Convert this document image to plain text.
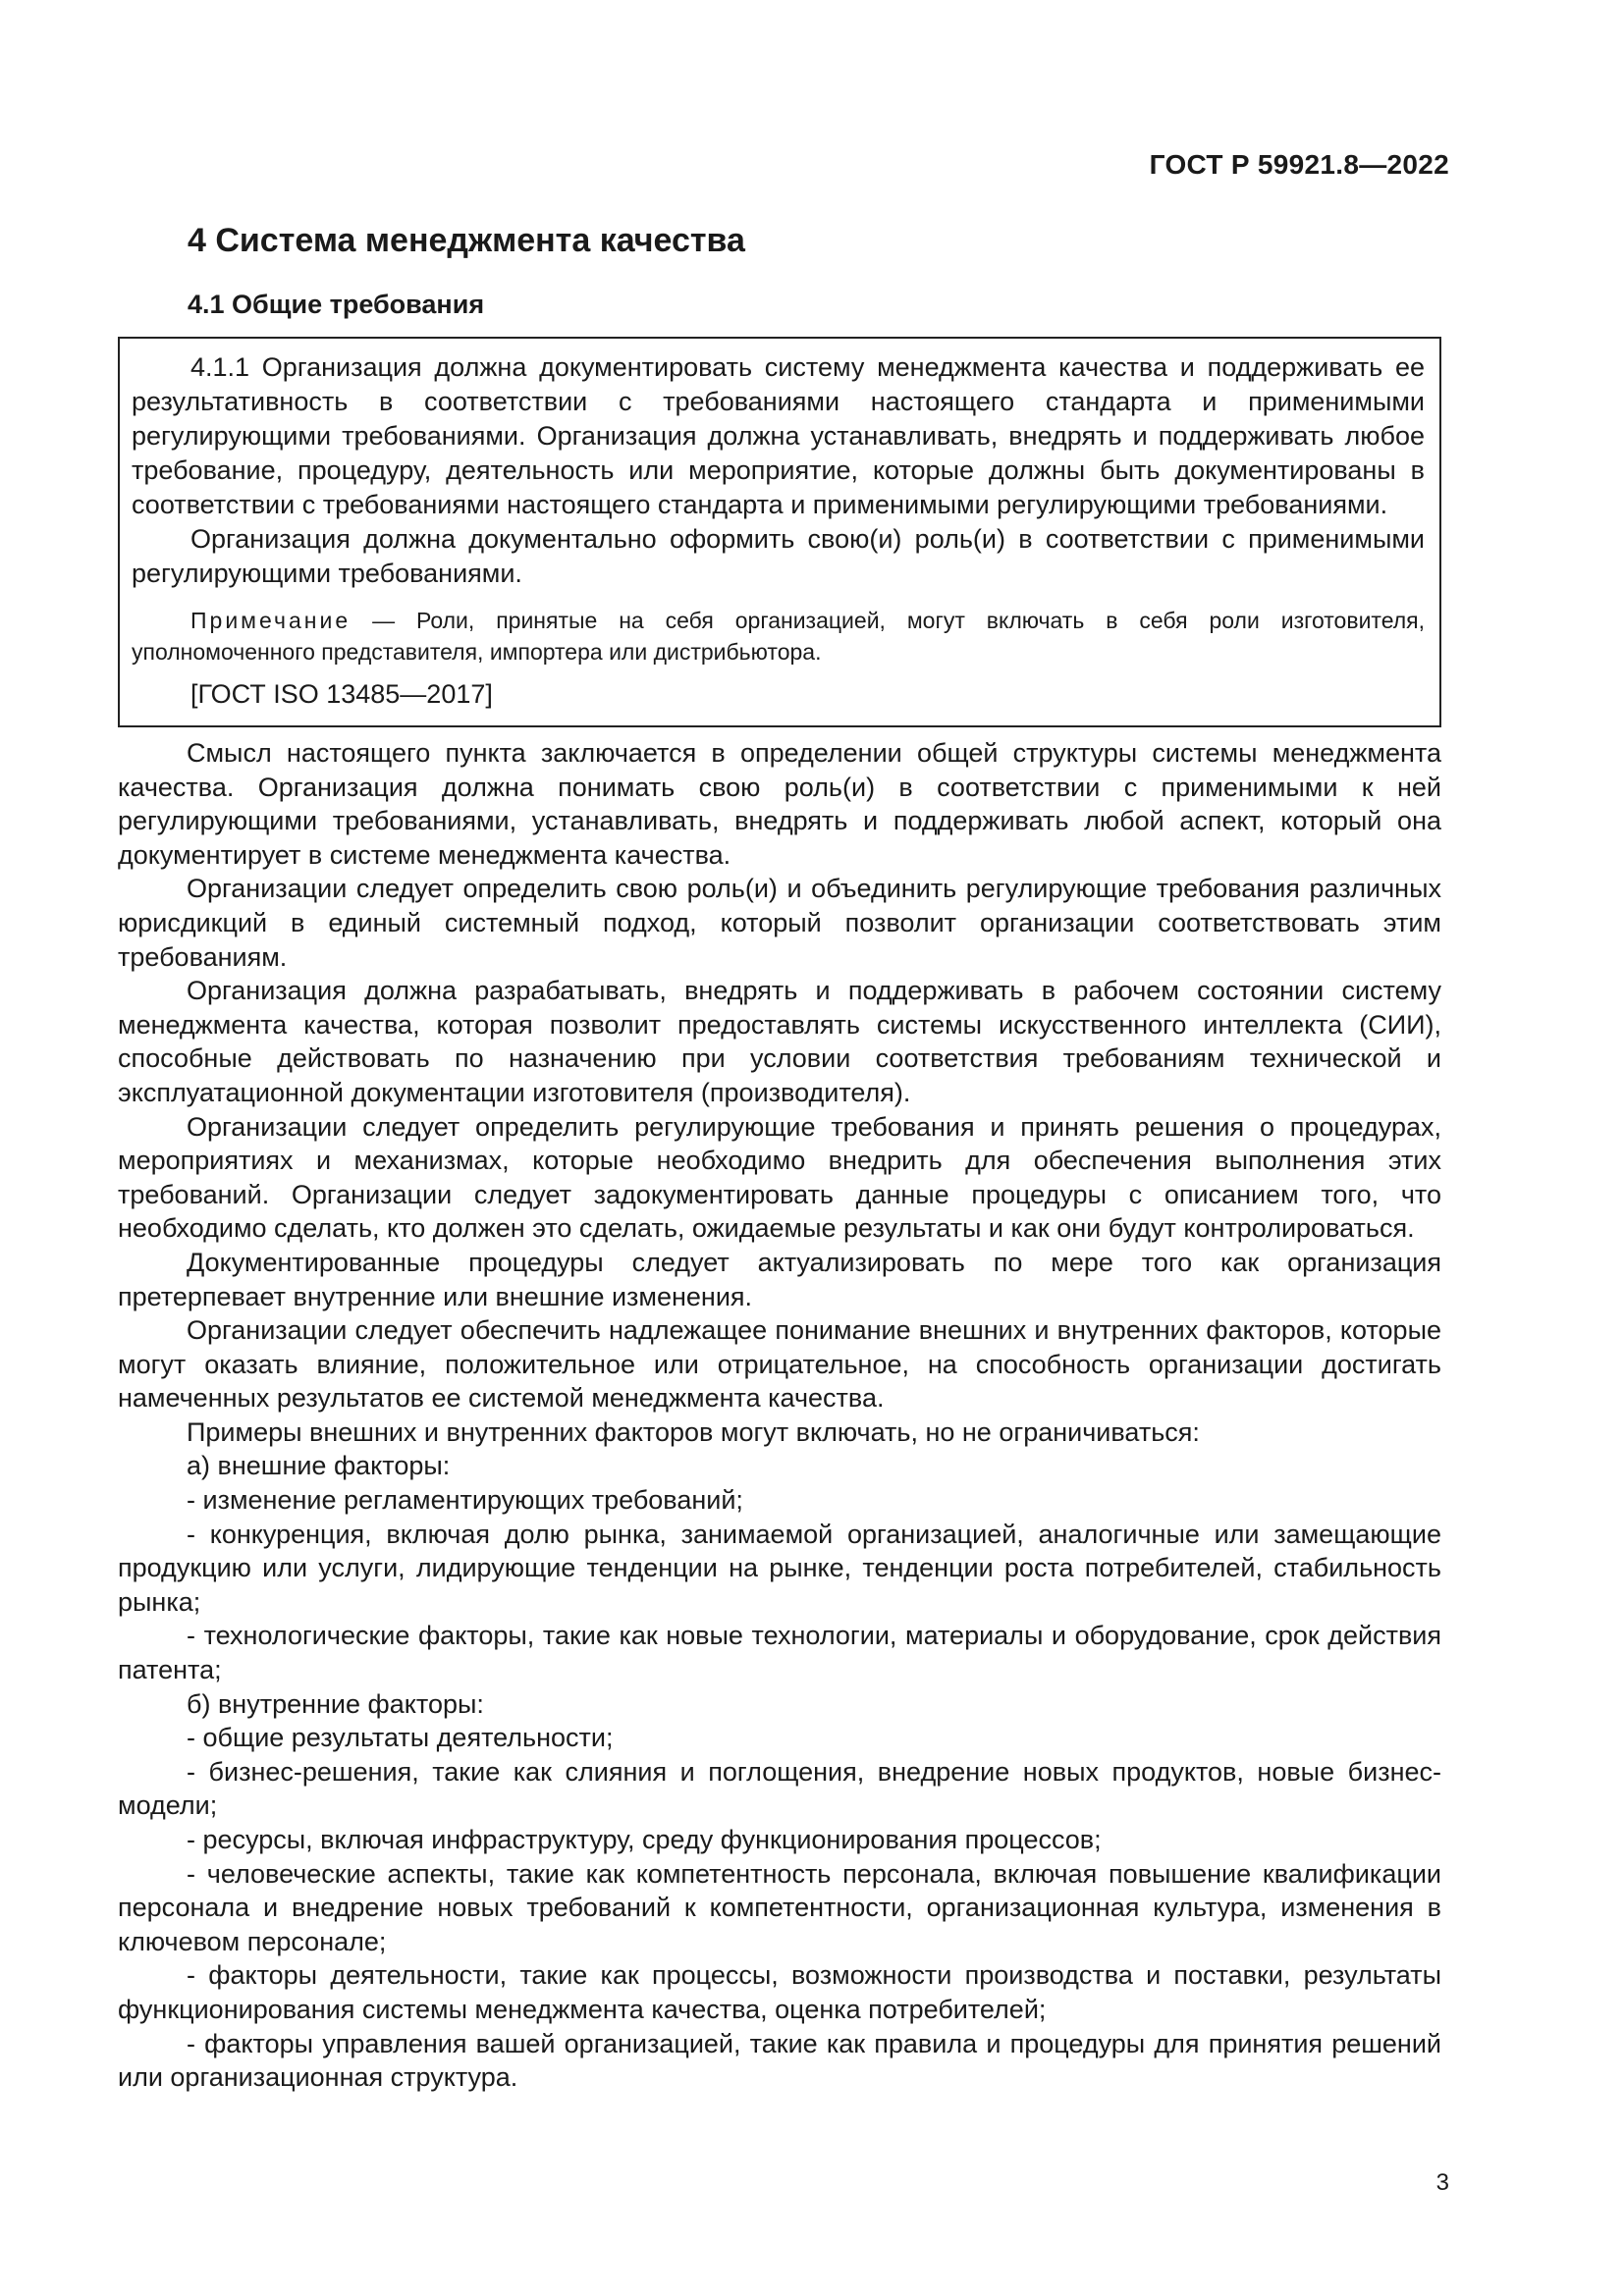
ГОСТ Р 59921.8—2022
4 Система менеджмента качества
4.1 Общие требования

4.1.1 Организация должна документировать систему менеджмента качества и поддерживать ее результативность в соответствии с требованиями настоящего стандарта и применимыми регулирующими требованиями. Организация должна устанавливать, внедрять и поддерживать любое требование, процедуру, деятельность или мероприятие, которые должны быть документированы в соответствии с требованиями настоящего стандарта и применимыми регулирующими требованиями.

Организация должна документально оформить свою(и) роль(и) в соответствии с применимыми регулирующими требованиями.

Примечание — Роли, принятые на себя организацией, могут включать в себя роли изготовителя, уполномоченного представителя, импортера или дистрибьютора.

[ГОСТ ISO 13485—2017]

Смысл настоящего пункта заключается в определении общей структуры системы менеджмента качества. Организация должна понимать свою роль(и) в соответствии с применимыми к ней регулирующими требованиями, устанавливать, внедрять и поддерживать любой аспект, который она документирует в системе менеджмента качества.

Организации следует определить свою роль(и) и объединить регулирующие требования различных юрисдикций в единый системный подход, который позволит организации соответствовать этим требованиям.

Организация должна разрабатывать, внедрять и поддерживать в рабочем состоянии систему менеджмента качества, которая позволит предоставлять системы искусственного интеллекта (СИИ), способные действовать по назначению при условии соответствия требованиям технической и эксплуатационной документации изготовителя (производителя).

Организации следует определить регулирующие требования и принять решения о процедурах, мероприятиях и механизмах, которые необходимо внедрить для обеспечения выполнения этих требований. Организации следует задокументировать данные процедуры с описанием того, что необходимо сделать, кто должен это сделать, ожидаемые результаты и как они будут контролироваться.

Документированные процедуры следует актуализировать по мере того как организация претерпевает внутренние или внешние изменения.

Организации следует обеспечить надлежащее понимание внешних и внутренних факторов, которые могут оказать влияние, положительное или отрицательное, на способность организации достигать намеченных результатов ее системой менеджмента качества.

Примеры внешних и внутренних факторов могут включать, но не ограничиваться:

а) внешние факторы:

- изменение регламентирующих требований;

- конкуренция, включая долю рынка, занимаемой организацией, аналогичные или замещающие продукцию или услуги, лидирующие тенденции на рынке, тенденции роста потребителей, стабильность рынка;

- технологические факторы, такие как новые технологии, материалы и оборудование, срок действия патента;

б) внутренние факторы:

- общие результаты деятельности;

- бизнес-решения, такие как слияния и поглощения, внедрение новых продуктов, новые бизнес-модели;

- ресурсы, включая инфраструктуру, среду функционирования процессов;

- человеческие аспекты, такие как компетентность персонала, включая повышение квалификации персонала и внедрение новых требований к компетентности, организационная культура, изменения в ключевом персонале;

- факторы деятельности, такие как процессы, возможности производства и поставки, результаты функционирования системы менеджмента качества, оценка потребителей;

- факторы управления вашей организацией, такие как правила и процедуры для принятия решений или организационная структура.

3
